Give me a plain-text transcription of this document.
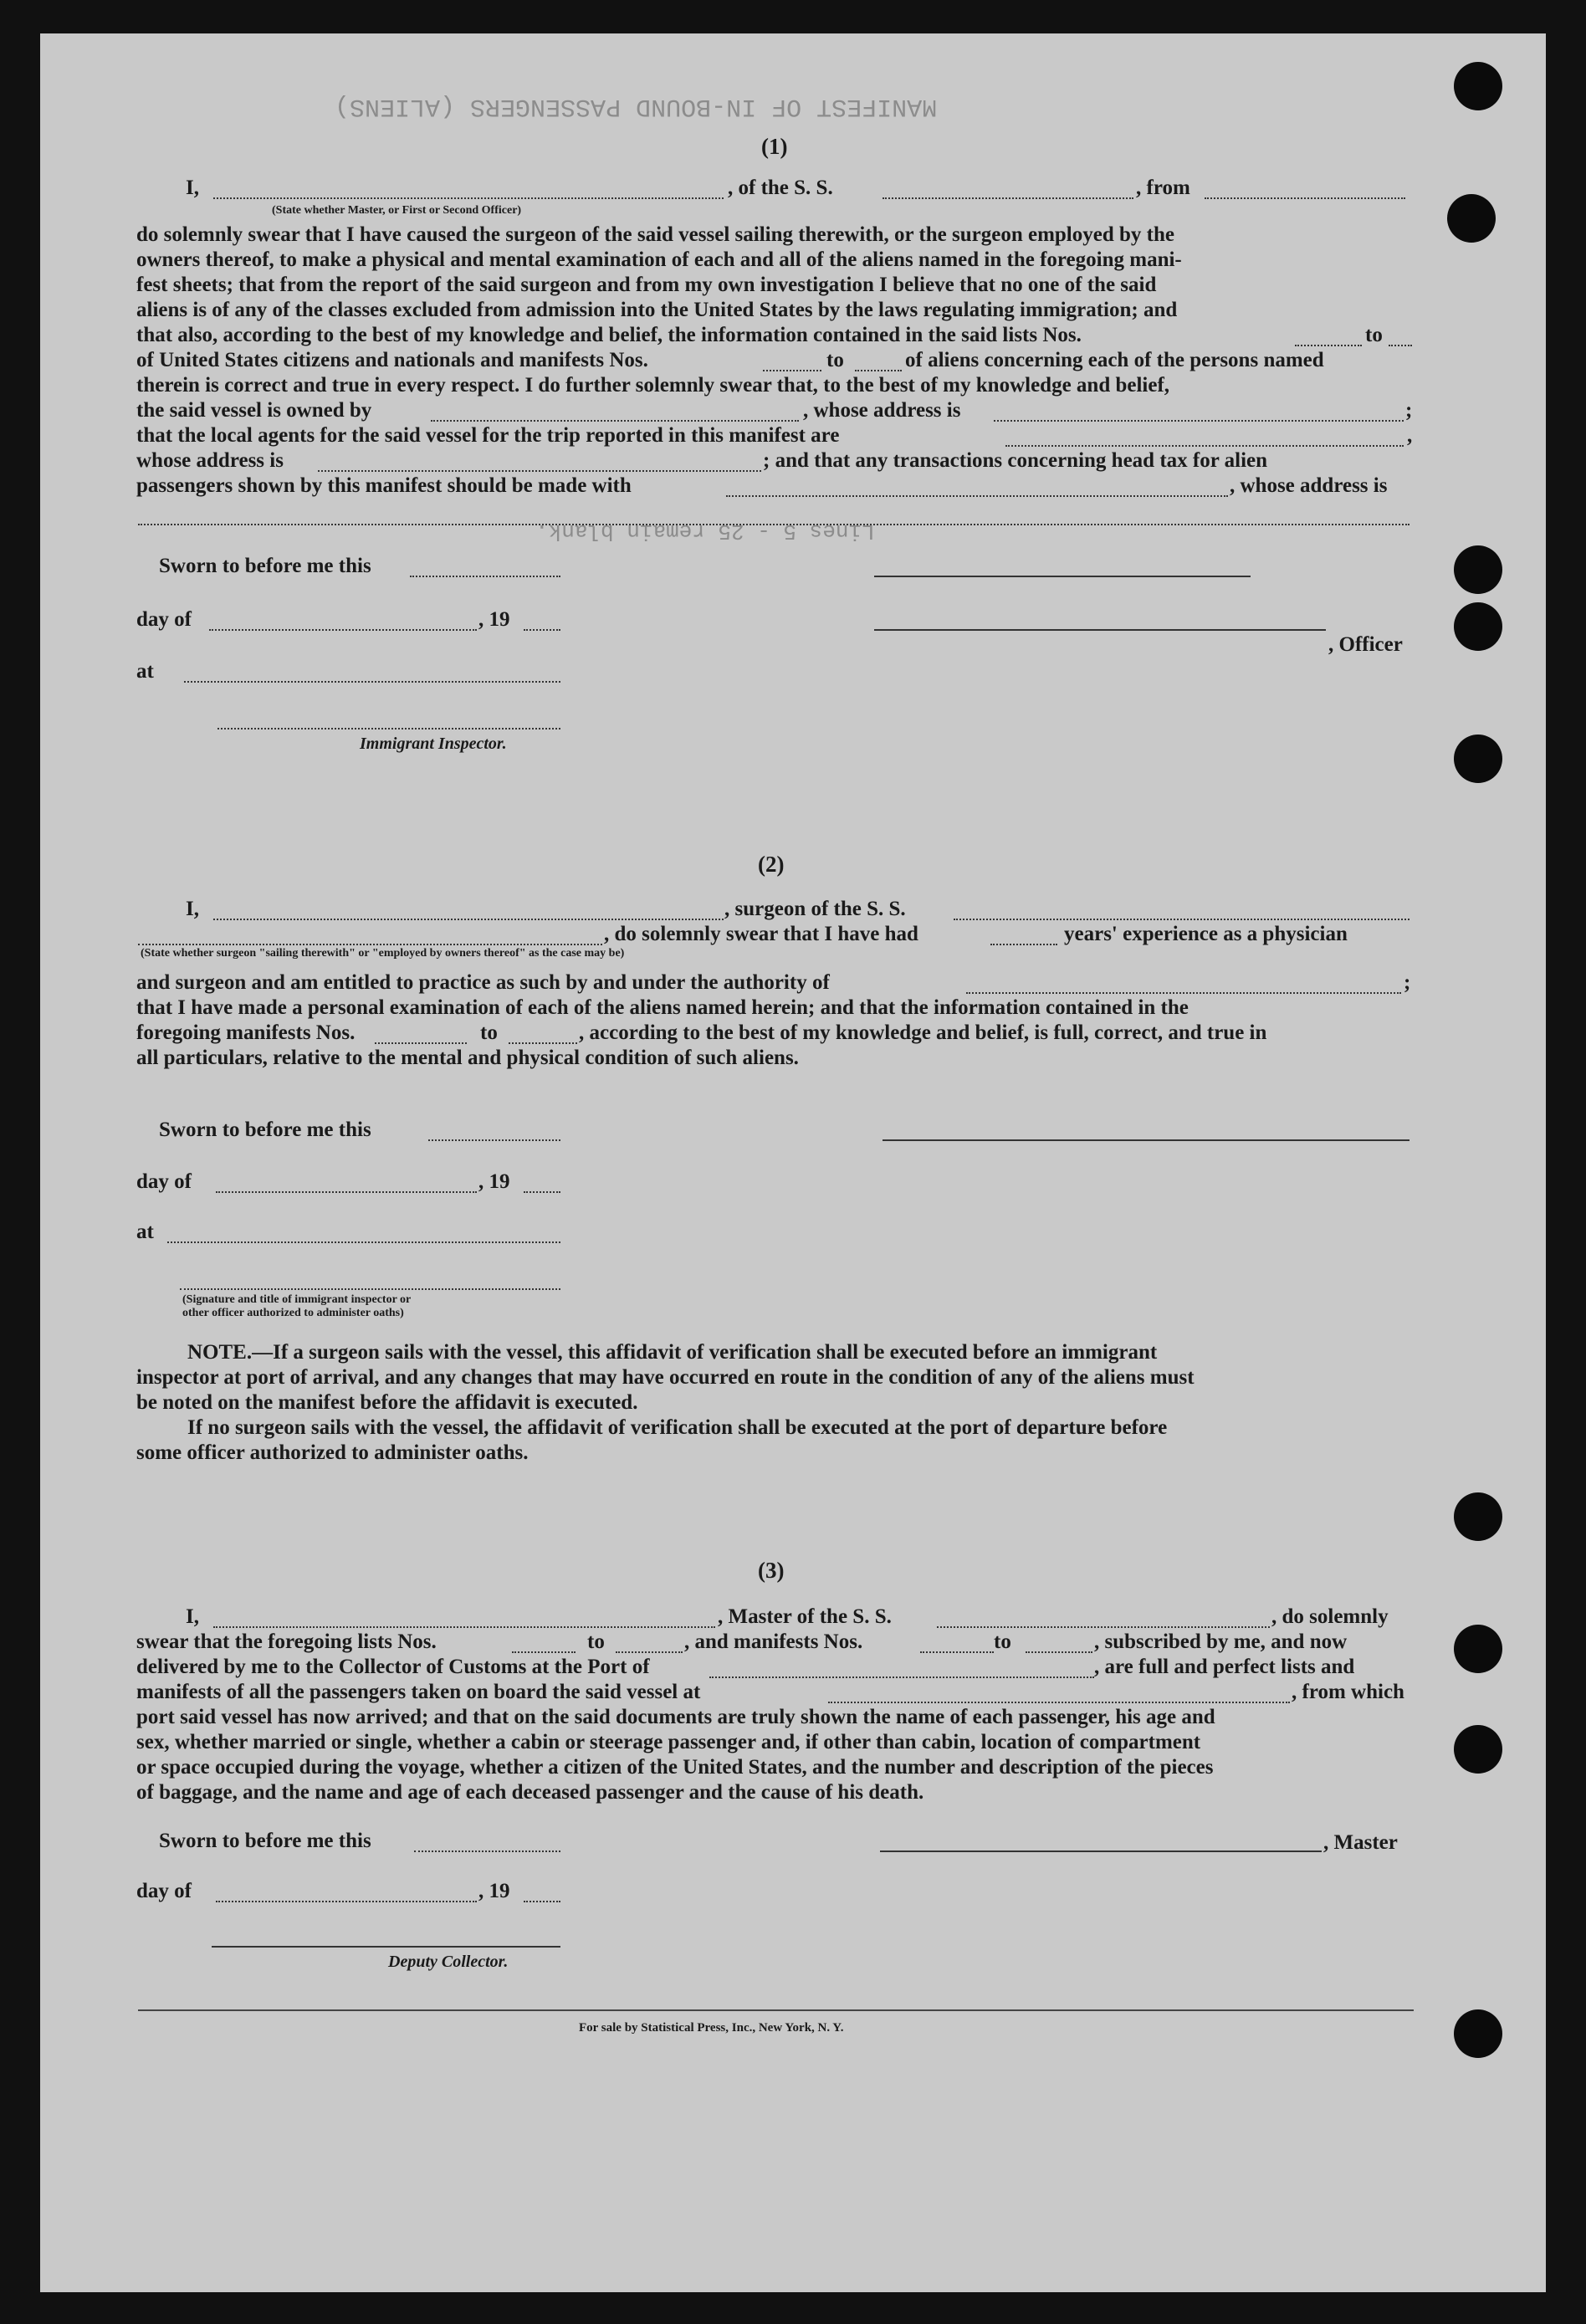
MANIFEST OF IN-BOUND PASSENGERS (ALIENS)
Lines 5 - 25 remain blank.
(1)
I,
(State whether Master, or First or Second Officer)
, of the S. S.	, from
do solemnly swear that I have caused the surgeon of the said vessel sailing therewith, or the surgeon employed by the
owners thereof, to make a physical and mental examination of each and all of the aliens named in the foregoing mani-
fest sheets; that from the report of the said surgeon and from my own investigation I believe that no one of the said
aliens is of any of the classes excluded from admission into the United States by the laws regulating immigration; and
that also, according to the best of my knowledge and belief, the information contained in the said lists Nos.	to
of United States citizens and nationals and manifests Nos.	to	of aliens concerning each of the persons named
therein is correct and true in every respect. I do further solemnly swear that, to the best of my knowledge and belief,
the said vessel is owned by	, whose address is	;
that the local agents for the said vessel for the trip reported in this manifest are	,
whose address is	; and that any transactions concerning head tax for alien
passengers shown by this manifest should be made with	, whose address is
Sworn to before me this
day of	, 19
, Officer
at
Immigrant Inspector.
(2)
I,	, surgeon of the S. S.
, do solemnly swear that I have had	years' experience as a physician
(State whether surgeon "sailing therewith" or "employed by owners thereof" as the case may be)
and surgeon and am entitled to practice as such by and under the authority of	;
that I have made a personal examination of each of the aliens named herein; and that the information contained in the
foregoing manifests Nos.	to	, according to the best of my knowledge and belief, is full, correct, and true in
all particulars, relative to the mental and physical condition of such aliens.
Sworn to before me this
day of	, 19
at
(Signature and title of immigrant inspector or
other officer authorized to administer oaths)
NOTE.—If a surgeon sails with the vessel, this affidavit of verification shall be executed before an immigrant
inspector at port of arrival, and any changes that may have occurred en route in the condition of any of the aliens must
be noted on the manifest before the affidavit is executed.
If no surgeon sails with the vessel, the affidavit of verification shall be executed at the port of departure before
some officer authorized to administer oaths.
(3)
I,	, Master of the S. S.	, do solemnly
swear that the foregoing lists Nos.	to	, and manifests Nos.	to	, subscribed by me, and now
delivered by me to the Collector of Customs at the Port of	, are full and perfect lists and
manifests of all the passengers taken on board the said vessel at	, from which
port said vessel has now arrived; and that on the said documents are truly shown the name of each passenger, his age and
sex, whether married or single, whether a cabin or steerage passenger and, if other than cabin, location of compartment
or space occupied during the voyage, whether a citizen of the United States, and the number and description of the pieces
of baggage, and the name and age of each deceased passenger and the cause of his death.
Sworn to before me this	, Master
day of	, 19
Deputy Collector.
For sale by Statistical Press, Inc., New York, N. Y.
